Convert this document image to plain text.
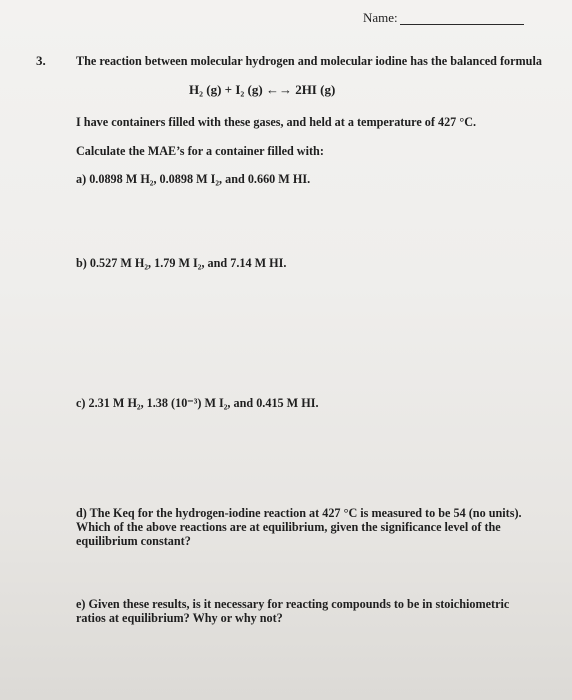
Name:
3. The reaction between molecular hydrogen and molecular iodine has the balanced formula
H₂ (g) + I₂ (g) ←→ 2HI (g)
I have containers filled with these gases, and held at a temperature of 427 °C.
Calculate the MAE’s for a container filled with:
a) 0.0898 M H₂, 0.0898 M I₂, and 0.660 M HI.
b) 0.527 M H₂, 1.79 M I₂, and 7.14 M HI.
c) 2.31 M H₂, 1.38 (10⁻³) M I₂, and 0.415 M HI.
d) The Keq for the hydrogen-iodine reaction at 427 °C is measured to be 54 (no units).
Which of the above reactions are at equilibrium, given the significance level of the
equilibrium constant?
e) Given these results, is it necessary for reacting compounds to be in stoichiometric
ratios at equilibrium? Why or why not?
